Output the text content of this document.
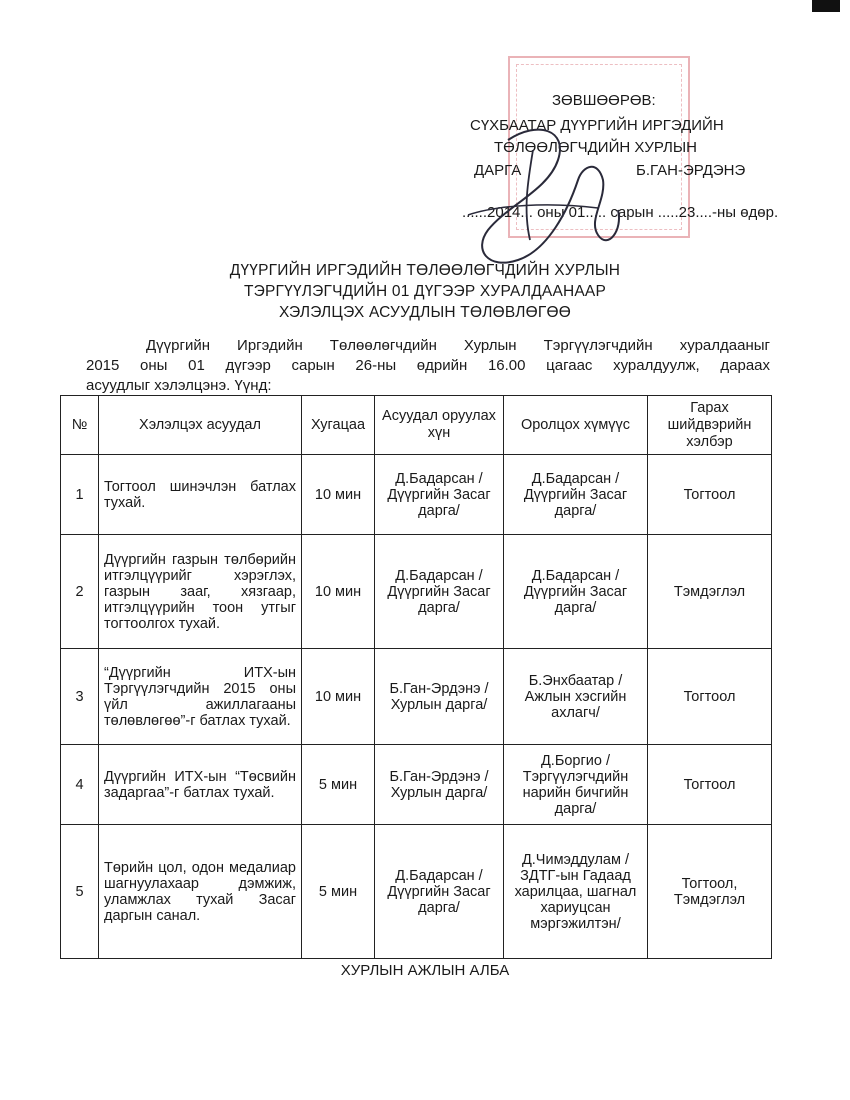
ЗӨВШӨӨРӨВ:
СҮХБААТАР ДҮҮРГИЙН ИРГЭДИЙН
ТӨЛӨӨЛӨГЧДИЙН ХУРЛЫН
ДАРГА	Б.ГАН-ЭРДЭНЭ
......2014... оны 01..... сарын .....23....-ны өдөр.
ДҮҮРГИЙН ИРГЭДИЙН ТӨЛӨӨЛӨГЧДИЙН ХУРЛЫН
ТЭРГҮҮЛЭГЧДИЙН 01 ДҮГЭЭР ХУРАЛДААНААР
ХЭЛЭЛЦЭХ АСУУДЛЫН ТӨЛӨВЛӨГӨӨ
Дүүргийн Иргэдийн Төлөөлөгчдийн Хурлын Тэргүүлэгчдийн хуралдааныг
2015 оны 01 дүгээр сарын 26-ны өдрийн 16.00 цагаас хуралдуулж, дараах
асуудлыг хэлэлцэнэ. Үүнд:
№	Хэлэлцэх асуудал	Хугацаа	Асуудал оруулах хүн	Оролцох хүмүүс	Гарах шийдвэрийн хэлбэр
1	Тогтоол шинэчлэн батлах тухай.	10 мин	Д.Бадарсан /Дүүргийн Засаг дарга/	Д.Бадарсан /Дүүргийн Засаг дарга/	Тогтоол
2	Дүүргийн газрын төлбөрийн итгэлцүүрийг хэрэглэх, газрын зааг, хязгаар, итгэлцүүрийн тоон утгыг тогтоолгох тухай.	10 мин	Д.Бадарсан /Дүүргийн Засаг дарга/	Д.Бадарсан /Дүүргийн Засаг дарга/	Тэмдэглэл
3	“Дүүргийн ИТХ-ын Тэргүүлэгчдийн 2015 оны үйл ажиллагааны төлөвлөгөө”-г батлах тухай.	10 мин	Б.Ган-Эрдэнэ /Хурлын дарга/	Б.Энхбаатар /Ажлын хэсгийн ахлагч/	Тогтоол
4	Дүүргийн ИТХ-ын “Төсвийн задаргаа”-г батлах тухай.	5 мин	Б.Ган-Эрдэнэ /Хурлын дарга/	Д.Боргио /Тэргүүлэгчдийн нарийн бичгийн дарга/	Тогтоол
5	Төрийн цол, одон медалиар шагнуулахаар дэмжиж, уламжлах тухай Засаг даргын санал.	5 мин	Д.Бадарсан /Дүүргийн Засаг дарга/	Д.Чимэддулам /ЗДТГ-ын Гадаад харилцаа, шагнал хариуцсан мэргэжилтэн/	Тогтоол, Тэмдэглэл
ХУРЛЫН АЖЛЫН АЛБА
